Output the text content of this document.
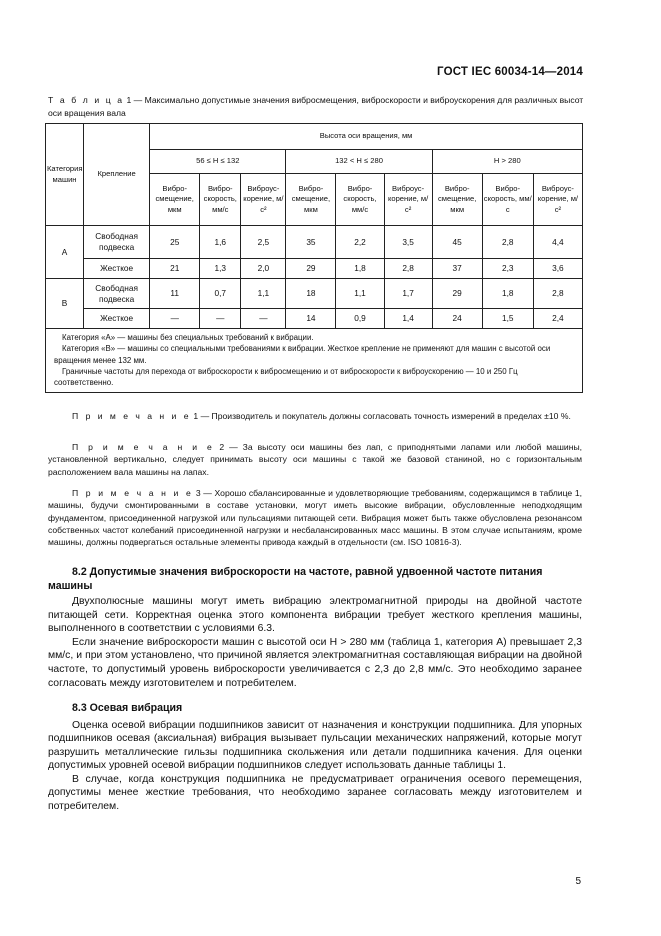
ГОСТ IEC 60034-14—2014
Т а б л и ц а 1 — Максимально допустимые значения виброcмещения, виброскорости и виброускорения для различных высот оси вращения вала
Категория машин	Крепление	Высота оси вращения, мм								
		56 ≤ H ≤ 132			132 < H ≤ 280			H > 280		
		Вибро-смещение, мкм	Вибро-скорость, мм/с	Виброус-корение, м/с²	Вибро-смещение, мкм	Вибро-скорость, мм/с	Виброус-корение, м/с²	Вибро-смещение, мкм	Вибро-скорость, мм/с	Виброус-корение, м/с²
A	Свободная подвеска	25	1,6	2,5	35	2,2	3,5	45	2,8	4,4
	Жесткое	21	1,3	2,0	29	1,8	2,8	37	2,3	3,6
B	Свободная подвеска	11	0,7	1,1	18	1,1	1,7	29	1,8	2,8
	Жесткое	—	—	—	14	0,9	1,4	24	1,5	2,4

Категория «А» — машины без специальных требований к вибрации.
Категория «В» — машины со специальными требованиями к вибрации. Жесткое крепление не применяют для машин с высотой оси вращения менее 132 мм.
Граничные частоты для перехода от виброскорости к вибросмещению и от виброскорости к виброускорению — 10 и 250 Гц соответственно.										

П р и м е ч а н и е 1 — Производитель и покупатель должны согласовать точность измерений в пределах ±10 %.

П р и м е ч а н и е 2 — За высоту оси машины без лап, с приподнятыми лапами или любой машины, установленной вертикально, следует принимать высоту оси машины с такой же базовой станиной, но с горизонтальным расположением вала машины на лапах.

П р и м е ч а н и е 3 — Хорошо сбалансированные и удовлетворяющие требованиям, содержащимся в таблице 1, машины, будучи смонтированными в составе установки, могут иметь высокие вибрации, обусловленные неподходящим фундаментом, присоединенной нагрузкой или пульсациями питающей сети. Вибрация может быть также обусловлена резонансом собственных частот колебаний присоединенной нагрузки и несбалансированных масс машины. В этом случае испытаниям, кроме машины, должны подвергаться остальные элементы привода каждый в отдельности (см. ISO 10816-3).

8.2 Допустимые значения виброскорости на частоте, равной удвоенной частоте питания машины

Двухполюсные машины могут иметь вибрацию электромагнитной природы на двойной частоте питающей сети. Корректная оценка этого компонента вибрации требует жесткого крепления машины, выполненного в соответствии с условиями 6.3.

Если значение виброскорости машин с высотой оси H > 280 мм (таблица 1, категория А) превышает 2,3 мм/с, и при этом установлено, что причиной является электромагнитная составляющая вибрации на двойной частоте, то допустимый уровень виброскорости увеличивается с 2,3 до 2,8 мм/с. Это необходимо заранее согласовать между изготовителем и потребителем.

8.3 Осевая вибрация

Оценка осевой вибрации подшипников зависит от назначения и конструкции подшипника. Для упорных подшипников осевая (аксиальная) вибрация вызывает пульсации механических напряжений, которые могут разрушить металлические гильзы подшипника скольжения или детали подшипника качения. Для оценки допустимых уровней осевой вибрации подшипников следует использовать данные таблицы 1.

В случае, когда конструкция подшипника не предусматривает ограничения осевого перемещения, допустимы менее жесткие требования, что необходимо заранее согласовать между изготовителем и потребителем.

5
